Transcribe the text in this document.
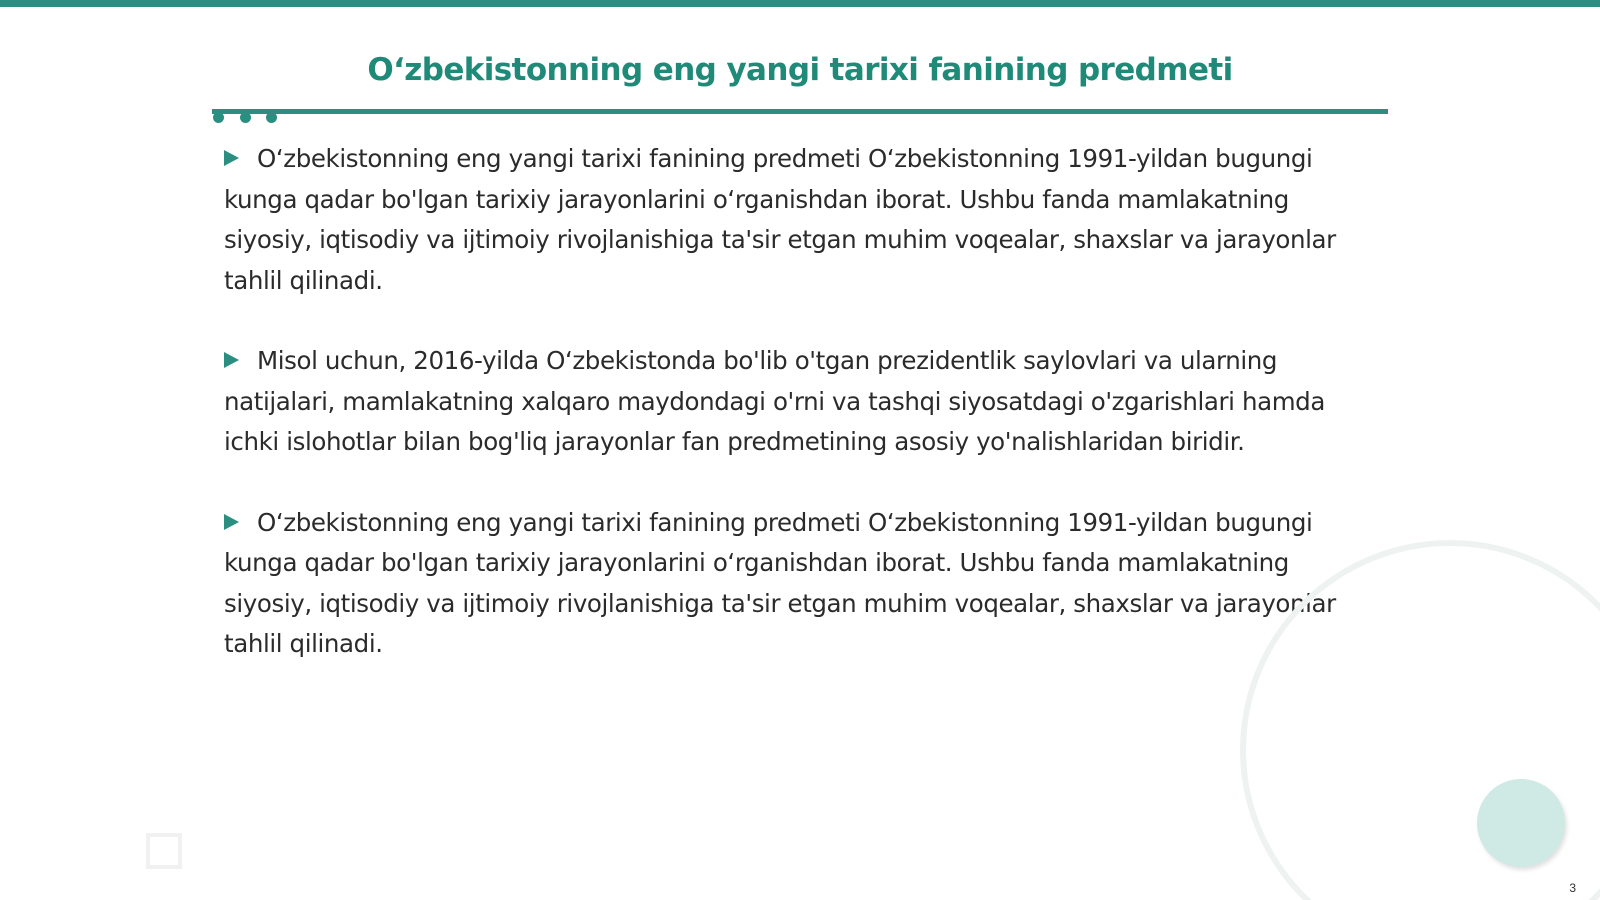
O‘zbekistonning eng yangi tarixi fanining predmeti

O‘zbekistonning eng yangi tarixi fanining predmeti O‘zbekistonning 1991-yildan bugungi kunga qadar bo'lgan tarixiy jarayonlarini o‘rganishdan iborat. Ushbu fanda mamlakatning siyosiy, iqtisodiy va ijtimoiy rivojlanishiga ta'sir etgan muhim voqealar, shaxslar va jarayonlar tahlil qilinadi.

Misol uchun, 2016-yilda O‘zbekistonda bo'lib o'tgan prezidentlik saylovlari va ularning natijalari, mamlakatning xalqaro maydondagi o'rni va tashqi siyosatdagi o'zgarishlari hamda ichki islohotlar bilan bog'liq jarayonlar fan predmetining asosiy yo'nalishlaridan biridir.

O‘zbekistonning eng yangi tarixi fanining predmeti O‘zbekistonning 1991-yildan bugungi kunga qadar bo'lgan tarixiy jarayonlarini o‘rganishdan iborat. Ushbu fanda mamlakatning siyosiy, iqtisodiy va ijtimoiy rivojlanishiga ta'sir etgan muhim voqealar, shaxslar va jarayonlar tahlil qilinadi.

3
